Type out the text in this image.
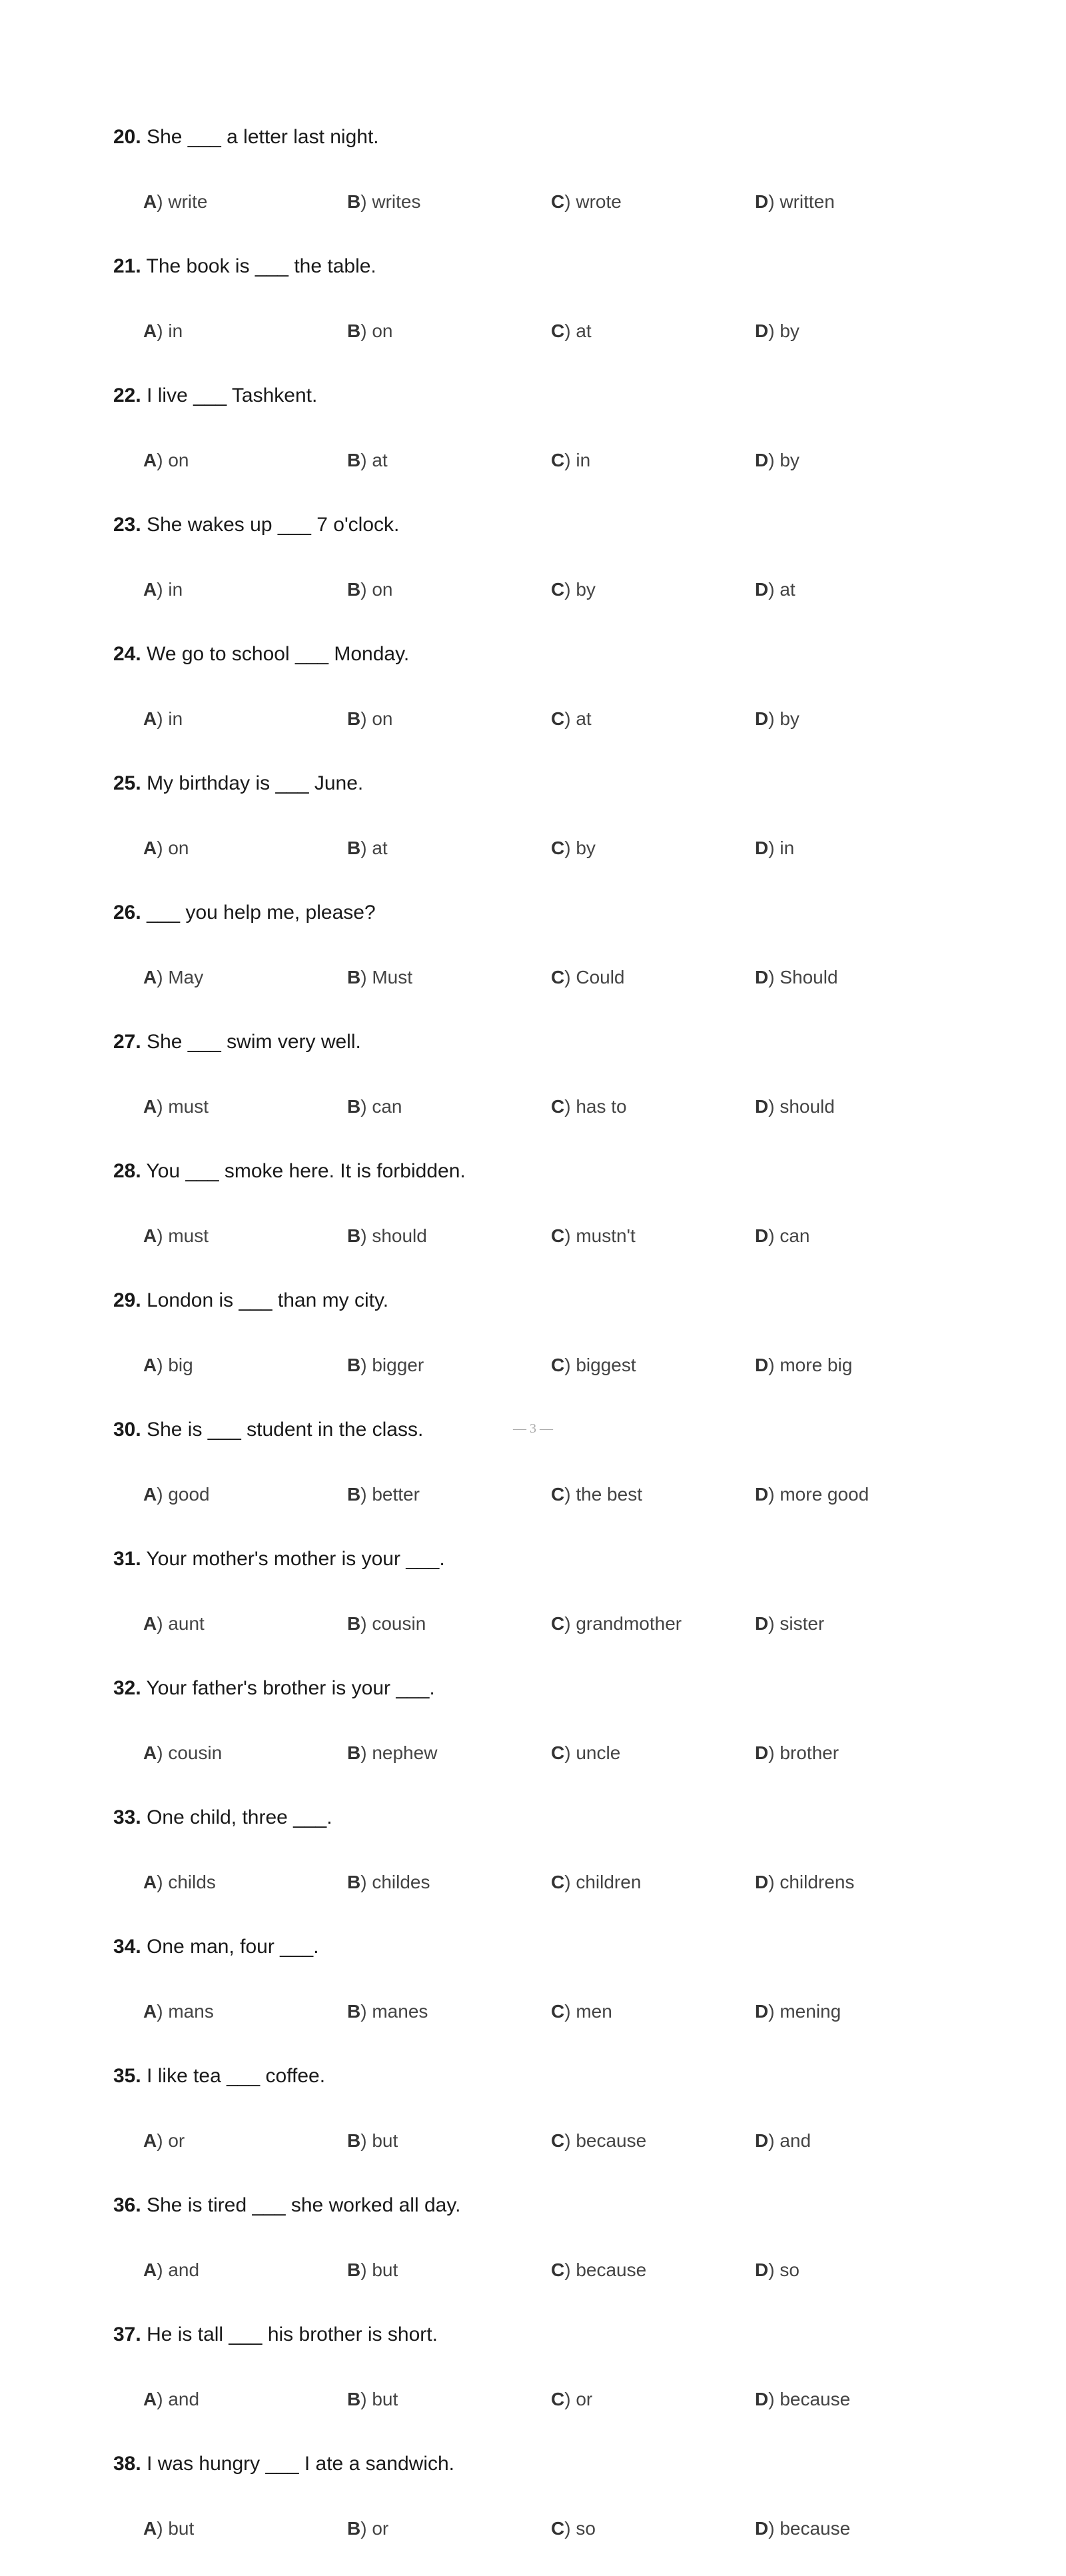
20. She ___ a letter last night.
A) write	B) writes	C) wrote	D) written
21. The book is ___ the table.
A) in	B) on	C) at	D) by
22. I live ___ Tashkent.
A) on	B) at	C) in	D) by
23. She wakes up ___ 7 o'clock.
A) in	B) on	C) by	D) at
24. We go to school ___ Monday.
A) in	B) on	C) at	D) by
25. My birthday is ___ June.
A) on	B) at	C) by	D) in
26. ___ you help me, please?
A) May	B) Must	C) Could	D) Should
27. She ___ swim very well.
A) must	B) can	C) has to	D) should
28. You ___ smoke here. It is forbidden.
A) must	B) should	C) mustn't	D) can
29. London is ___ than my city.
A) big	B) bigger	C) biggest	D) more big
30. She is ___ student in the class.
A) good	B) better	C) the best	D) more good
31. Your mother's mother is your ___.
A) aunt	B) cousin	C) grandmother	D) sister
32. Your father's brother is your ___.
A) cousin	B) nephew	C) uncle	D) brother
33. One child, three ___.
A) childs	B) childes	C) children	D) childrens
34. One man, four ___.
A) mans	B) manes	C) men	D) mening
35. I like tea ___ coffee.
A) or	B) but	C) because	D) and
36. She is tired ___ she worked all day.
A) and	B) but	C) because	D) so
37. He is tall ___ his brother is short.
A) and	B) but	C) or	D) because
38. I was hungry ___ I ate a sandwich.
A) but	B) or	C) so	D) because
— 3 —
